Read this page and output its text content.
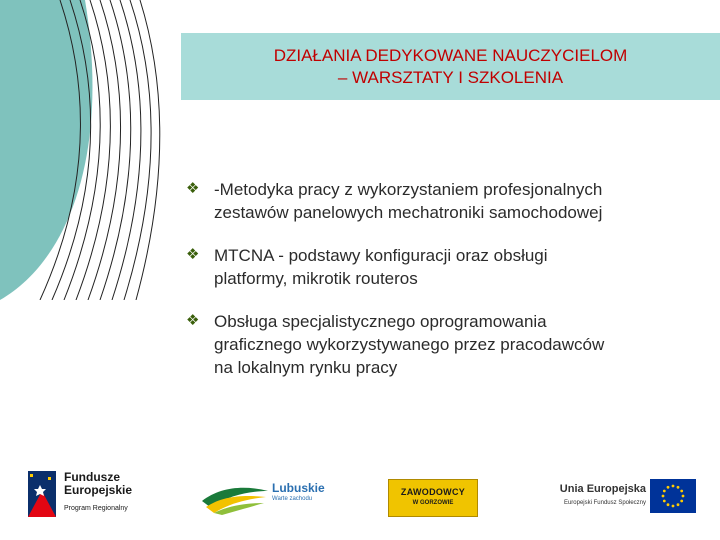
DZIAŁANIA DEDYKOWANE NAUCZYCIELOM
– WARSZTATY I SZKOLENIA
❖ -Metodyka pracy z wykorzystaniem profesjonalnych
zestawów panelowych mechatroniki samochodowej
❖ MTCNA - podstawy konfiguracji oraz obsługi
platformy, mikrotik routeros
❖ Obsługa specjalistycznego oprogramowania
graficznego wykorzystywanego przez pracodawców
na lokalnym rynku pracy
Fundusze
Europejskie
Program Regionalny
Lubuskie
Warte zachodu
ZAWODOWCY
W GORZOWIE
Unia Europejska
Europejski Fundusz Społeczny
